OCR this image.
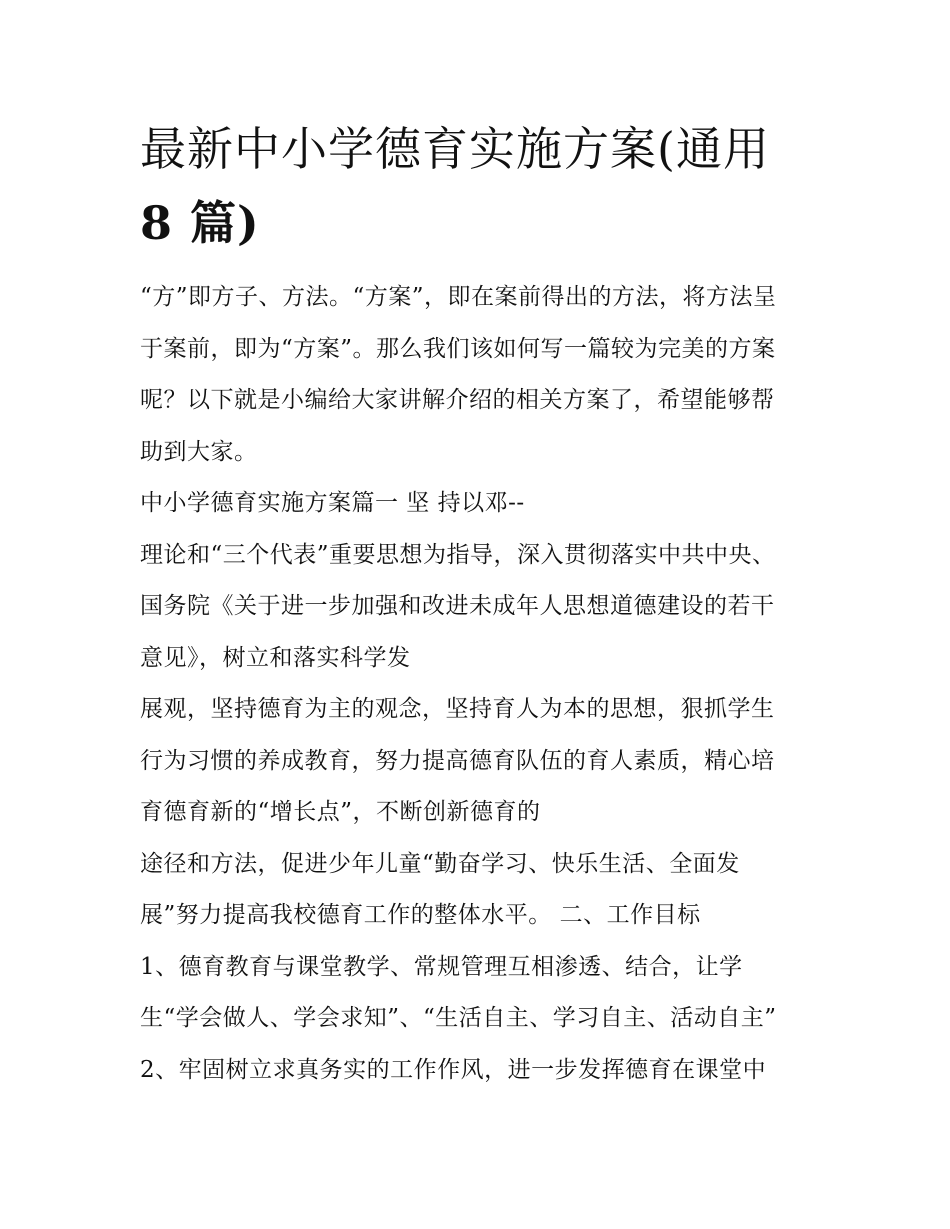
最新中小学德育实施方案(通用
8 篇)
“方”即方子、方法。“方案”，即在案前得出的方法，将方法呈
于案前，即为“方案”。那么我们该如何写一篇较为完美的方案
呢？以下就是小编给大家讲解介绍的相关方案了，希望能够帮
助到大家。
中小学德育实施方案篇一 坚 持以邓--
理论和“三个代表”重要思想为指导，深入贯彻落实中共中央、
国务院《关于进一步加强和改进未成年人思想道德建设的若干
意见》，树立和落实科学发
展观，坚持德育为主的观念，坚持育人为本的思想，狠抓学生
行为习惯的养成教育，努力提高德育队伍的育人素质，精心培
育德育新的“增长点”，不断创新德育的
途径和方法，促进少年儿童“勤奋学习、快乐生活、全面发
展”努力提高我校德育工作的整体水平。 二、工作目标
1、德育教育与课堂教学、常规管理互相渗透、结合，让学
生“学会做人、学会求知”、“生活自主、学习自主、活动自主”
2、牢固树立求真务实的工作作风，进一步发挥德育在课堂中
